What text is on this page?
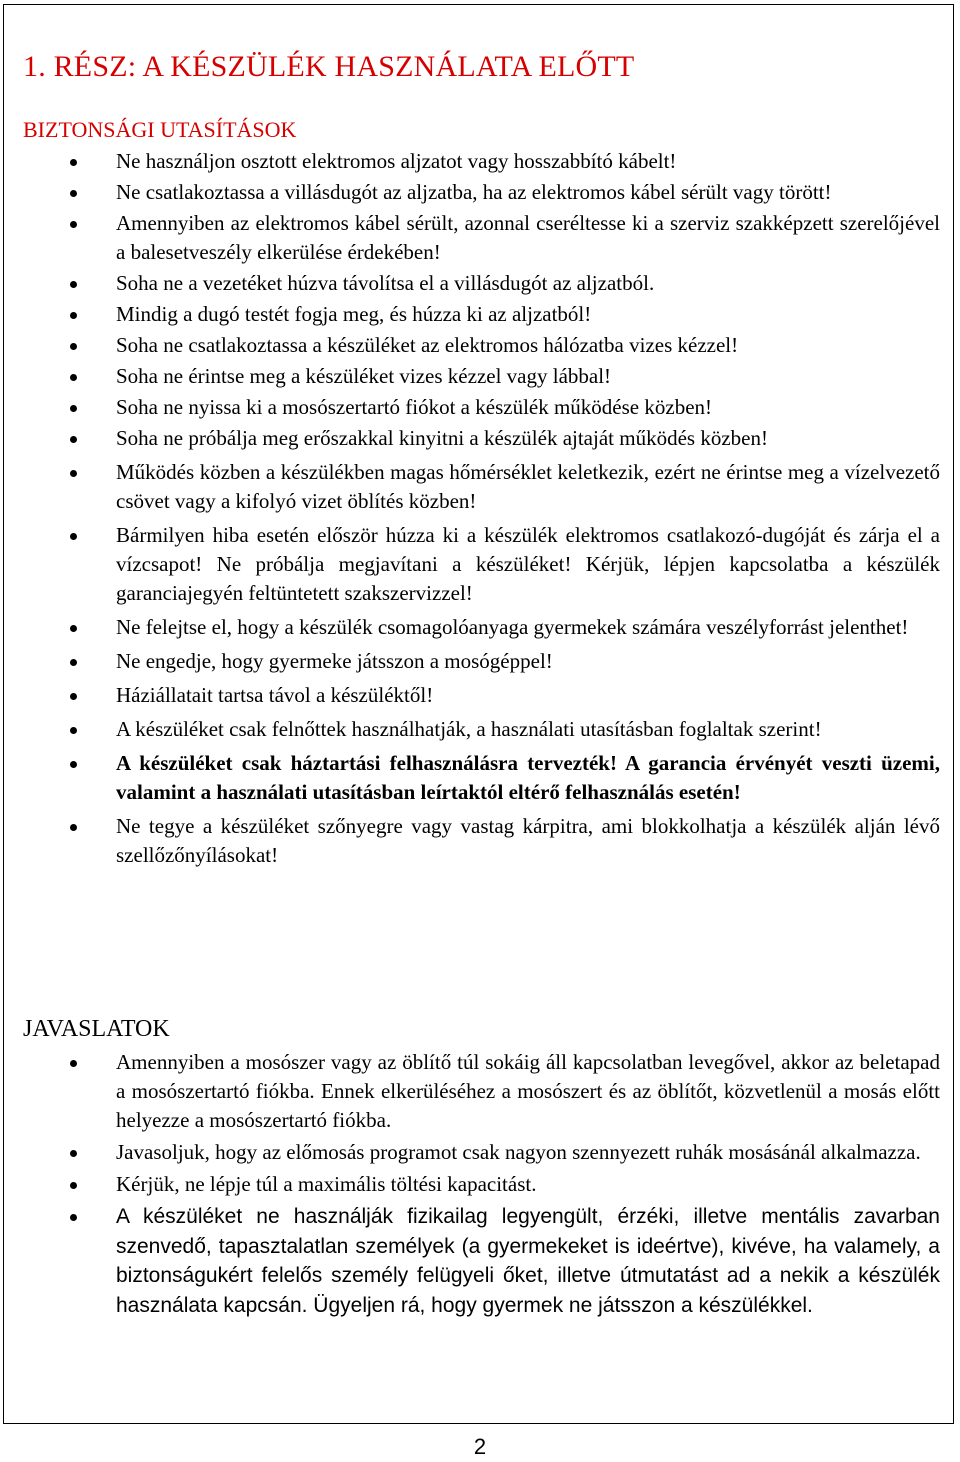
1. RÉSZ: A KÉSZÜLÉK HASZNÁLATA ELŐTT
BIZTONSÁGI UTASÍTÁSOK
Ne használjon osztott elektromos aljzatot vagy hosszabbító kábelt!
Ne csatlakoztassa a villásdugót az aljzatba, ha az elektromos kábel sérült vagy törött!
Amennyiben az elektromos kábel sérült, azonnal cseréltesse ki a szerviz szakképzett szerelőjével a balesetveszély elkerülése érdekében!
Soha ne a vezetéket húzva távolítsa el a villásdugót az aljzatból.
Mindig a dugó testét fogja meg, és húzza ki az aljzatból!
Soha ne csatlakoztassa a készüléket az elektromos hálózatba vizes kézzel!
Soha ne érintse meg a készüléket vizes kézzel vagy lábbal!
Soha ne nyissa ki a mosószertartó fiókot a készülék működése közben!
Soha ne próbálja meg erőszakkal kinyitni a készülék ajtaját működés közben!
Működés közben a készülékben magas hőmérséklet keletkezik, ezért ne érintse meg a vízelvezető csövet vagy a kifolyó vizet öblítés közben!
Bármilyen hiba esetén először húzza ki a készülék elektromos csatlakozó-dugóját és zárja el a vízcsapot! Ne próbálja megjavítani a készüléket! Kérjük, lépjen kapcsolatba a készülék garanciajegyén feltüntetett szakszervizzel!
Ne felejtse el, hogy a készülék csomagolóanyaga gyermekek számára veszélyforrást jelenthet!
Ne engedje, hogy gyermeke játsszon a mosógéppel!
Háziállatait tartsa távol a készüléktől!
A készüléket csak felnőttek használhatják, a használati utasításban foglaltak szerint!
A készüléket csak háztartási felhasználásra tervezték! A garancia érvényét veszti üzemi, valamint a használati utasításban leírtaktól eltérő felhasználás esetén!
Ne tegye a készüléket szőnyegre vagy vastag kárpitra, ami blokkolhatja a készülék alján lévő szellőzőnyílásokat!
JAVASLATOK
Amennyiben a mosószer vagy az öblítő túl sokáig áll kapcsolatban levegővel, akkor az beletapad a mosószertartó fiókba. Ennek elkerüléséhez a mosószert és az öblítőt, közvetlenül a mosás előtt helyezze a mosószertartó fiókba.
Javasoljuk, hogy az előmosás programot csak nagyon szennyezett ruhák mosásánál alkalmazza.
Kérjük, ne lépje túl a maximális töltési kapacitást.
A készüléket ne használják fizikailag legyengült, érzéki, illetve mentális zavarban szenvedő, tapasztalatlan személyek (a gyermekeket is ideértve), kivéve, ha valamely, a biztonságukért felelős személy felügyeli őket, illetve útmutatást ad a nekik a készülék használata kapcsán. Ügyeljen rá, hogy gyermek ne játsszon a készülékkel.

2
